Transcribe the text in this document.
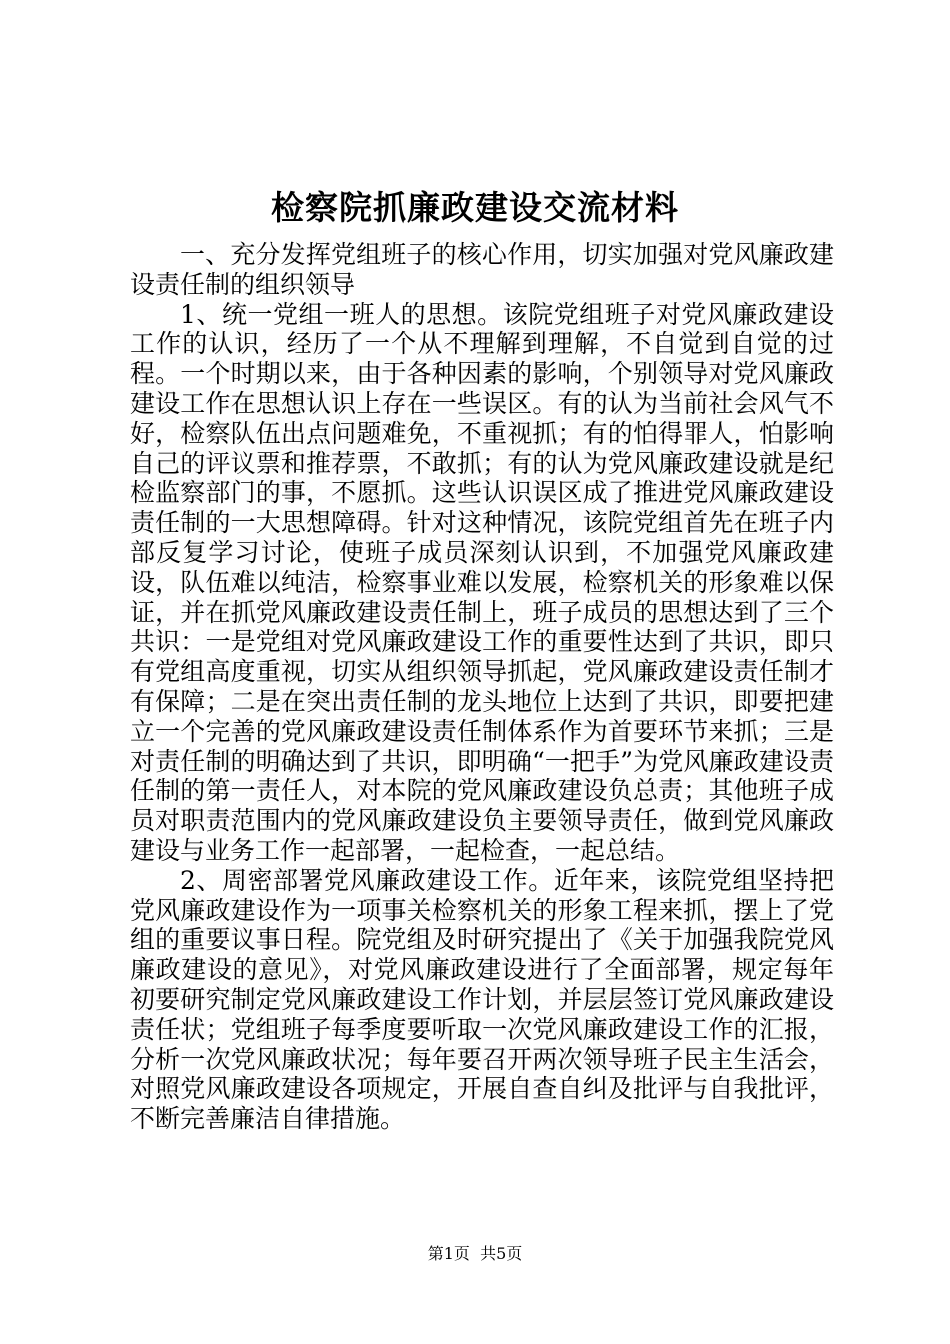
检察院抓廉政建设交流材料

一、充分发挥党组班子的核心作用，切实加强对党风廉政建设责任制的组织领导

1、统一党组一班人的思想。该院党组班子对党风廉政建设工作的认识，经历了一个从不理解到理解，不自觉到自觉的过程。一个时期以来，由于各种因素的影响，个别领导对党风廉政建设工作在思想认识上存在一些误区。有的认为当前社会风气不好，检察队伍出点问题难免，不重视抓；有的怕得罪人，怕影响自己的评议票和推荐票，不敢抓；有的认为党风廉政建设就是纪检监察部门的事，不愿抓。这些认识误区成了推进党风廉政建设责任制的一大思想障碍。针对这种情况，该院党组首先在班子内部反复学习讨论，使班子成员深刻认识到，不加强党风廉政建设，队伍难以纯洁，检察事业难以发展，检察机关的形象难以保证，并在抓党风廉政建设责任制上，班子成员的思想达到了三个共识：一是党组对党风廉政建设工作的重要性达到了共识，即只有党组高度重视，切实从组织领导抓起，党风廉政建设责任制才有保障；二是在突出责任制的龙头地位上达到了共识，即要把建立一个完善的党风廉政建设责任制体系作为首要环节来抓；三是对责任制的明确达到了共识，即明确“一把手”为党风廉政建设责任制的第一责任人，对本院的党风廉政建设负总责；其他班子成员对职责范围内的党风廉政建设负主要领导责任，做到党风廉政建设与业务工作一起部署，一起检查，一起总结。

2、周密部署党风廉政建设工作。近年来，该院党组坚持把党风廉政建设作为一项事关检察机关的形象工程来抓，摆上了党组的重要议事日程。院党组及时研究提出了《关于加强我院党风廉政建设的意见》，对党风廉政建设进行了全面部署，规定每年初要研究制定党风廉政建设工作计划，并层层签订党风廉政建设责任状；党组班子每季度要听取一次党风廉政建设工作的汇报，分析一次党风廉政状况；每年要召开两次领导班子民主生活会，对照党风廉政建设各项规定，开展自查自纠及批评与自我批评，不断完善廉洁自律措施。

第1页  共5页
